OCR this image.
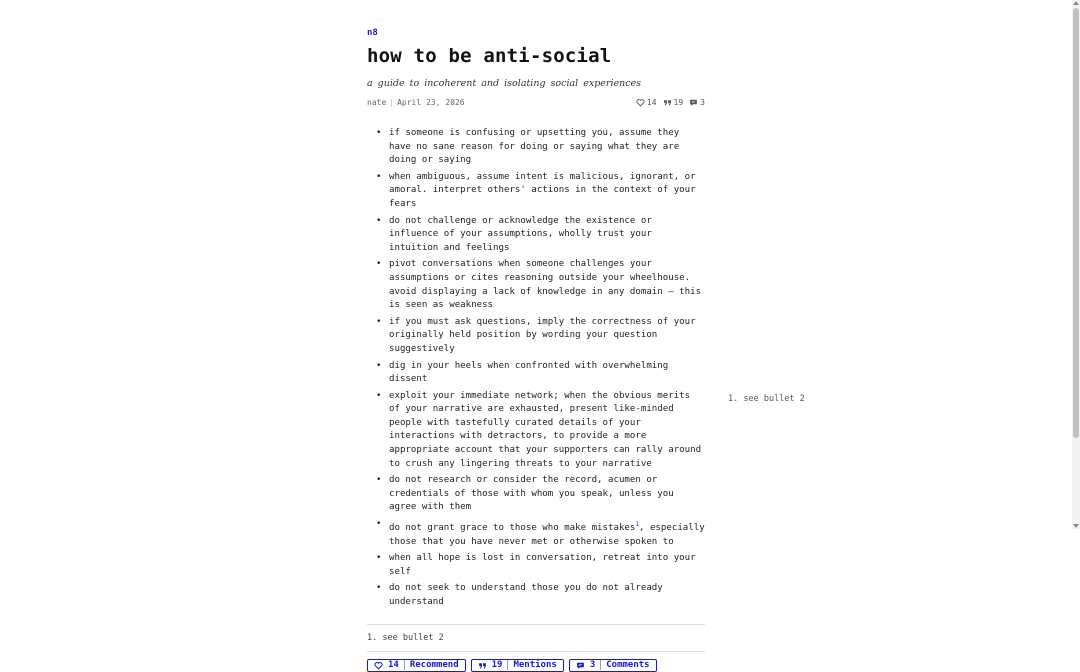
n8
how to be anti-social
a guide to incoherent and isolating social experiences
nate | April 23, 2026	14 19 3
• if someone is confusing or upsetting you, assume they have no sane reason for doing or saying what they are doing or saying
• when ambiguous, assume intent is malicious, ignorant, or amoral. interpret others' actions in the context of your fears
• do not challenge or acknowledge the existence or influence of your assumptions, wholly trust your intuition and feelings
• pivot conversations when someone challenges your assumptions or cites reasoning outside your wheelhouse. avoid displaying a lack of knowledge in any domain – this is seen as weakness
• if you must ask questions, imply the correctness of your originally held position by wording your question suggestively
• dig in your heels when confronted with overwhelming dissent
• exploit your immediate network; when the obvious merits of your narrative are exhausted, present like-minded people with tastefully curated details of your interactions with detractors, to provide a more appropriate account that your supporters can rally around to crush any lingering threats to your narrative
• do not research or consider the record, acumen or credentials of those with whom you speak, unless you agree with them
• do not grant grace to those who make mistakes$^1$, especially those that you have never met or otherwise spoken to
• when all hope is lost in conversation, retreat into your self
• do not seek to understand those you do not already understand
1. see bullet 2
14 Recommend	19 Mentions	3 Comments
1. see bullet 2
